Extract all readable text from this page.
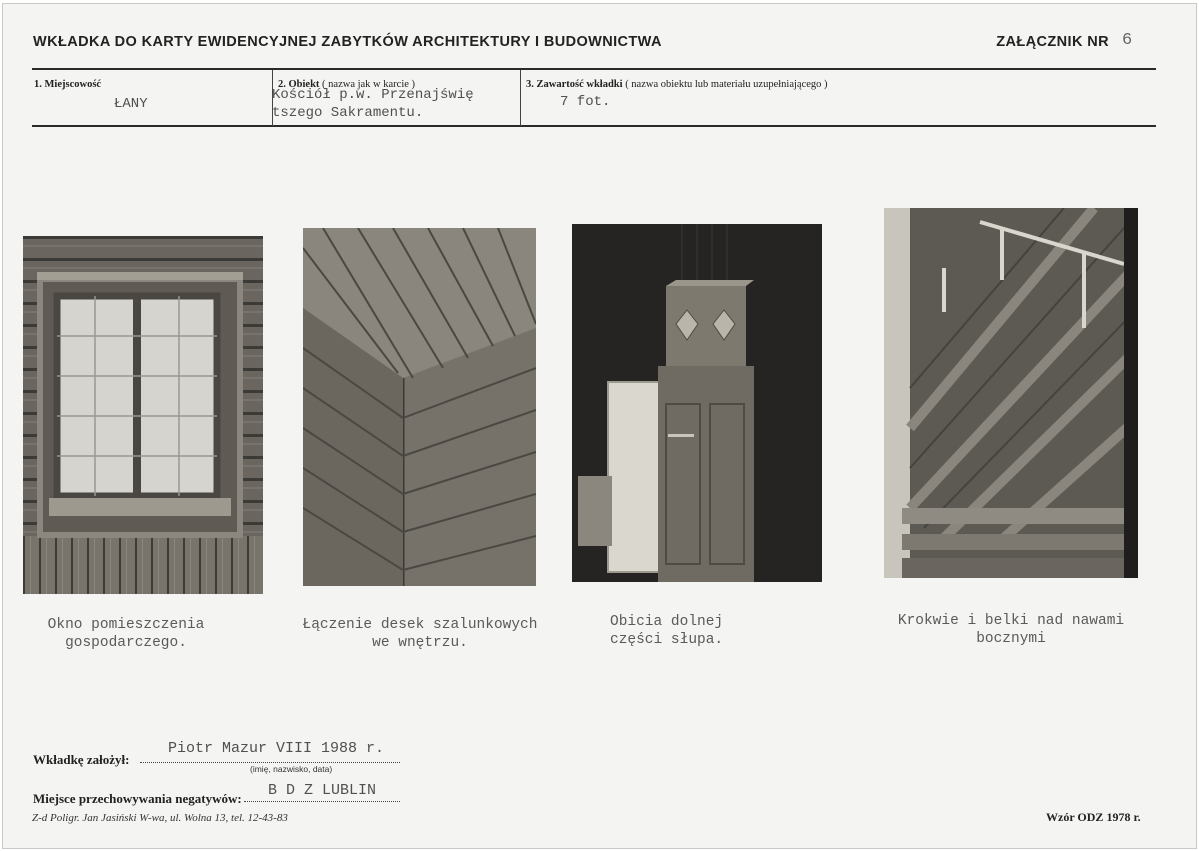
WKŁADKA DO KARTY EWIDENCYJNEJ ZABYTKÓW ARCHITEKTURY I BUDOWNICTWA	ZAŁĄCZNIK NR 6
1. Miejscowość
ŁANY
2. Obiekt ( nazwa jak w karcie )
Kościół p.w. Przenajświę
tszego Sakramentu.
3. Zawartość wkładki ( nazwa obiektu lub materiału uzupełniającego )
7 fot.
Okno pomieszczenia
gospodarczego.
Łączenie desek szalunkowych
we wnętrzu.
Obicia dolnej
części słupa.
Krokwie i belki nad nawami
bocznymi
Wkładkę założył:
Piotr Mazur VIII 1988 r.
(imię, nazwisko, data)
Miejsce przechowywania negatywów: B D Z LUBLIN
Z-d Poligr. Jan Jasiński W-wa, ul. Wolna 13, tel. 12-43-83	Wzór ODZ 1978 r.
